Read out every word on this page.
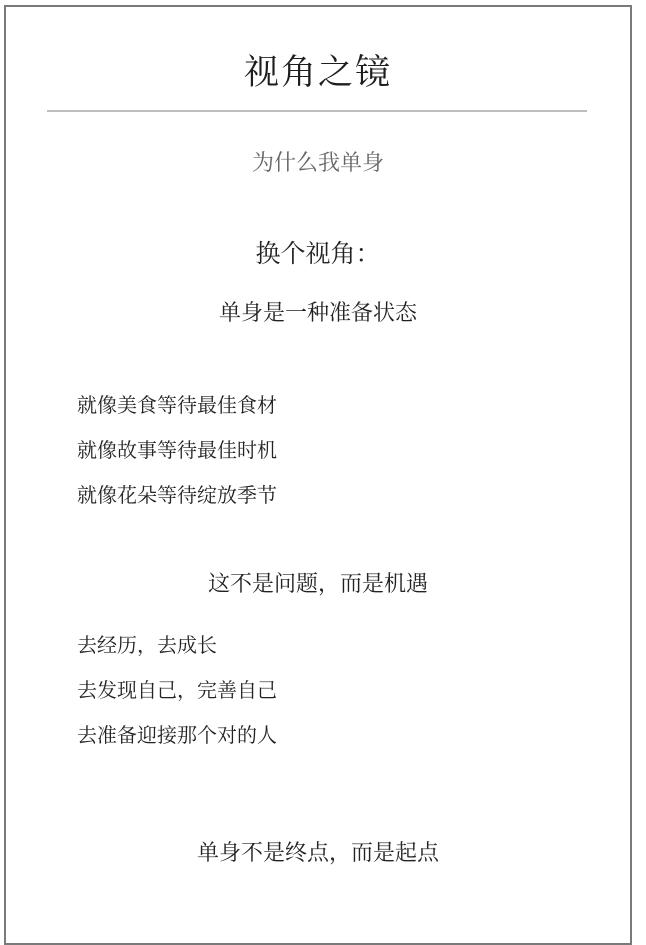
视角之镜
为什么我单身
换个视角：
单身是一种准备状态
就像美食等待最佳食材
就像故事等待最佳时机
就像花朵等待绽放季节
这不是问题，而是机遇
去经历，去成长
去发现自己，完善自己
去准备迎接那个对的人
单身不是终点，而是起点
